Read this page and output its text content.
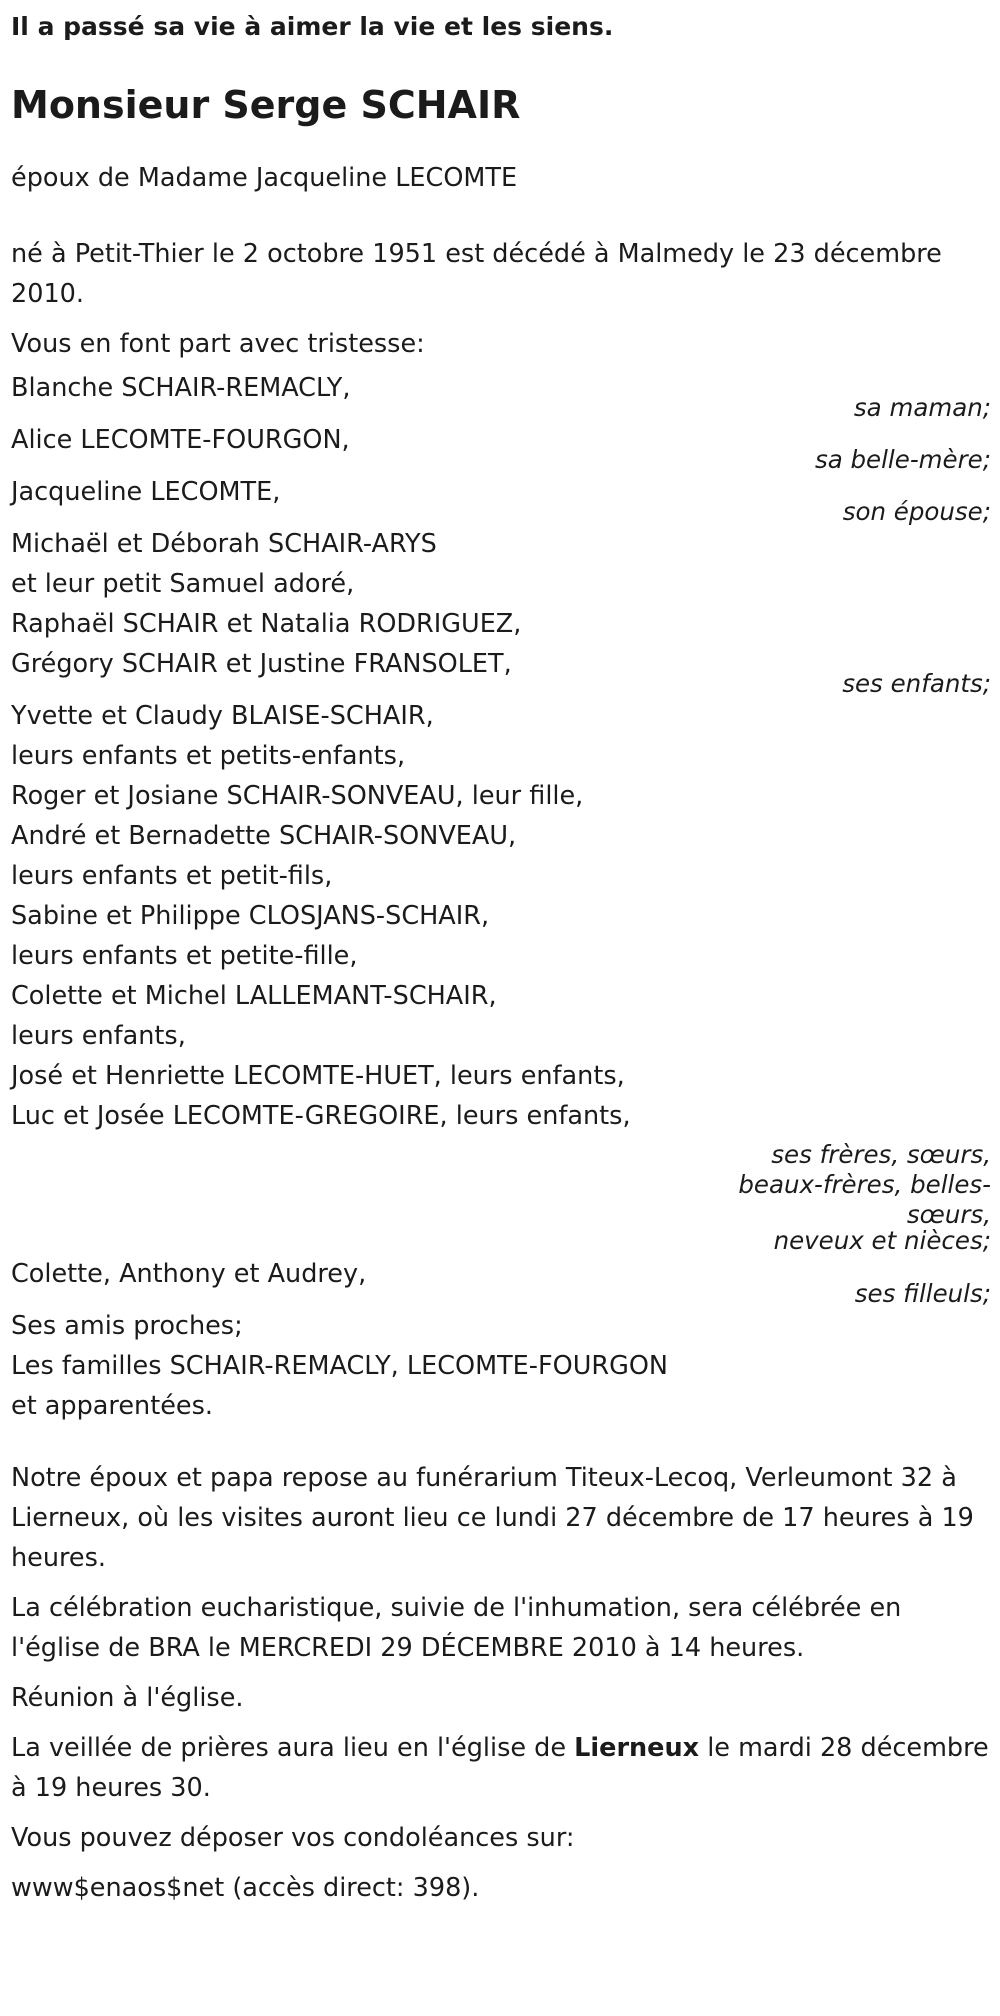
Il a passé sa vie à aimer la vie et les siens.
Monsieur Serge SCHAIR
époux de Madame Jacqueline LECOMTE
né à Petit-Thier le 2 octobre 1951 est décédé à Malmedy le 23 décembre 2010.
Vous en font part avec tristesse:
Blanche SCHAIR-REMACLY,
sa maman;
Alice LECOMTE-FOURGON,
sa belle-mère;
Jacqueline LECOMTE,
son épouse;
Michaël et Déborah SCHAIR-ARYS
et leur petit Samuel adoré,
Raphaël SCHAIR et Natalia RODRIGUEZ,
Grégory SCHAIR et Justine FRANSOLET,
ses enfants;
Yvette et Claudy BLAISE-SCHAIR,
leurs enfants et petits-enfants,
Roger et Josiane SCHAIR-SONVEAU, leur fille,
André et Bernadette SCHAIR-SONVEAU,
leurs enfants et petit-fils,
Sabine et Philippe CLOSJANS-SCHAIR,
leurs enfants et petite-fille,
Colette et Michel LALLEMANT-SCHAIR,
leurs enfants,
José et Henriette LECOMTE-HUET, leurs enfants,
Luc et Josée LECOMTE-GREGOIRE, leurs enfants,
ses frères, sœurs, beaux-frères, belles-sœurs,
neveux et nièces;
Colette, Anthony et Audrey,
ses filleuls;
Ses amis proches;
Les familles SCHAIR-REMACLY, LECOMTE-FOURGON
et apparentées.
Notre époux et papa repose au funérarium Titeux-Lecoq, Verleumont 32 à Lierneux, où les visites auront lieu ce lundi 27 décembre de 17 heures à 19 heures.
La célébration eucharistique, suivie de l'inhumation, sera célébrée en l'église de BRA le MERCREDI 29 DÉCEMBRE 2010 à 14 heures.
Réunion à l'église.
La veillée de prières aura lieu en l'église de Lierneux le mardi 28 décembre à 19 heures 30.
Vous pouvez déposer vos condoléances sur:
www$enaos$net (accès direct: 398).
